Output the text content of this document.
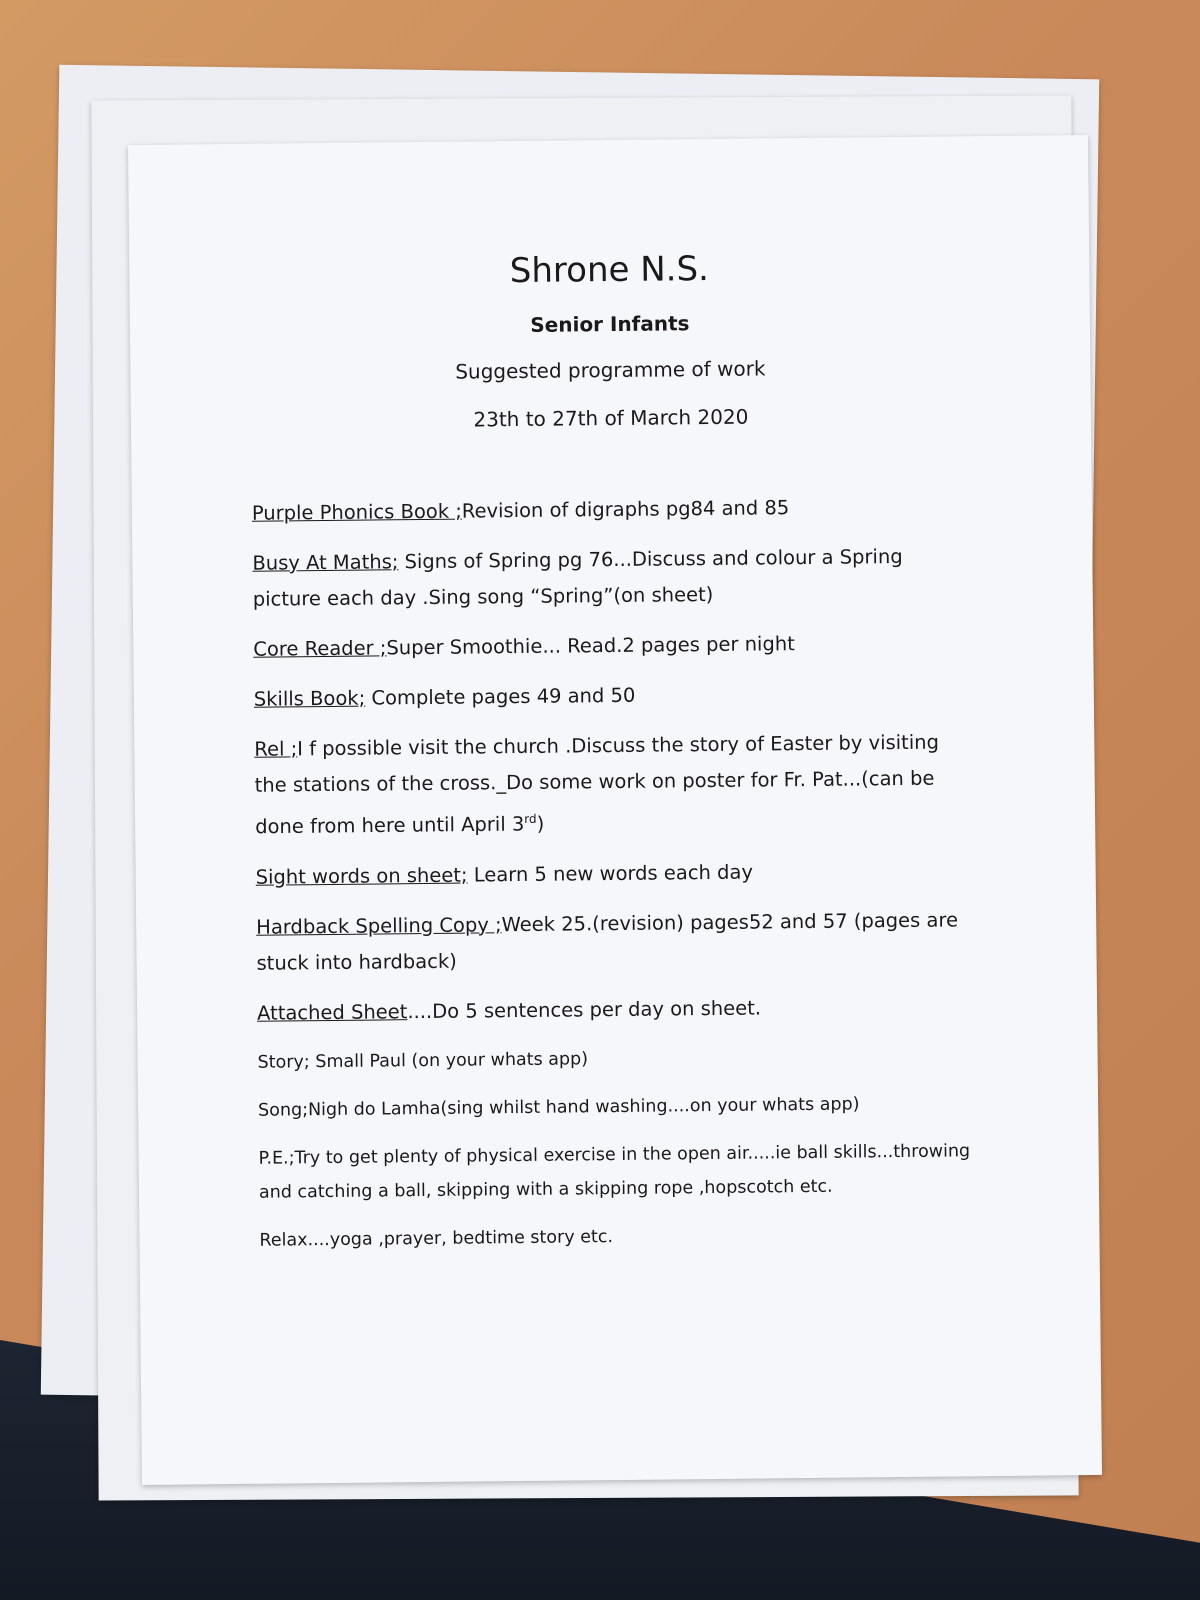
Shrone N.S.
Senior Infants
Suggested programme of work
23th to 27th of March 2020
Purple Phonics Book ;Revision of digraphs pg84 and 85
Busy At Maths; Signs of Spring pg 76...Discuss and colour a Spring picture each day .Sing song “Spring”(on sheet)
Core Reader ;Super Smoothie... Read.2 pages per night
Skills Book; Complete pages 49 and 50
Rel ;I f possible visit the church .Discuss the story of Easter by visiting the stations of the cross._Do some work on poster for Fr. Pat...(can be done from here until April 3rd)
Sight words on sheet; Learn 5 new words each day
Hardback Spelling Copy ;Week 25.(revision) pages52 and 57 (pages are stuck into hardback)
Attached Sheet....Do 5 sentences per day on sheet.
Story; Small Paul (on your whats app)
Song;Nigh do Lamha(sing whilst hand washing....on your whats app)
P.E.;Try to get plenty of physical exercise in the open air.....ie ball skills...throwing and catching a ball, skipping with a skipping rope ,hopscotch etc.
Relax....yoga ,prayer, bedtime story etc.
